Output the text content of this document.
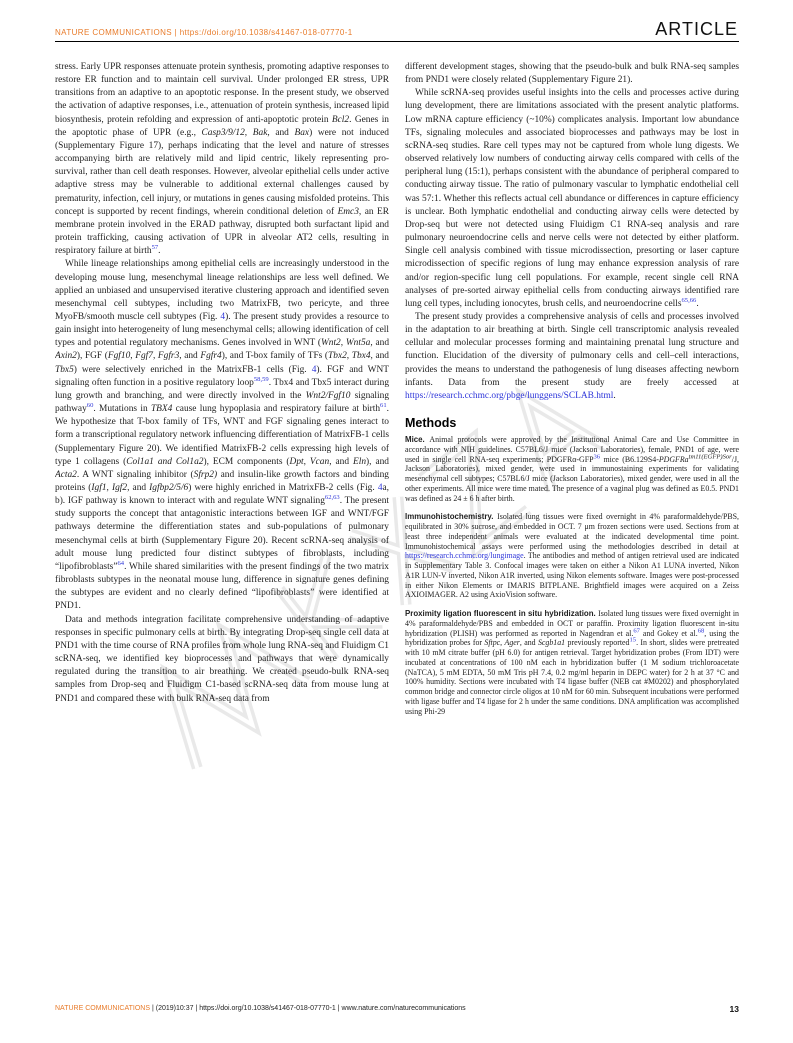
NATURE COMMUNICATIONS | https://doi.org/10.1038/s41467-018-07770-1	ARTICLE

stress. Early UPR responses attenuate protein synthesis, promoting adaptive responses to restore ER function and to maintain cell survival. Under prolonged ER stress, UPR transitions from an adaptive to an apoptotic response. In the present study, we observed the activation of adaptive responses, i.e., attenuation of protein synthesis, increased lipid biosynthesis, protein refolding and expression of anti-apoptotic protein Bcl2. Genes in the apoptotic phase of UPR (e.g., Casp3/9/12, Bak, and Bax) were not induced (Supplementary Figure 17), perhaps indicating that the level and nature of stresses accompanying birth are relatively mild and lipid centric, likely representing pro-survival, rather than cell death responses. However, alveolar epithelial cells under active adaptive stress may be vulnerable to additional external challenges caused by prematurity, infection, cell injury, or mutations in genes causing misfolded proteins. This concept is supported by recent findings, wherein conditional deletion of Emc3, an ER membrane protein involved in the ERAD pathway, disrupted both surfactant lipid and protein trafficking, causing activation of UPR in alveolar AT2 cells, resulting in respiratory failure at birth$^{57}$.

While lineage relationships among epithelial cells are increasingly understood in the developing mouse lung, mesenchymal lineage relationships are less well defined. We applied an unbiased and unsupervised iterative clustering approach and identified seven mesenchymal cell subtypes, including two MatrixFB, two pericyte, and three MyoFB/smooth muscle cell subtypes (Fig. 4). The present study provides a resource to gain insight into heterogeneity of lung mesenchymal cells; allowing identification of cell types and potential regulatory mechanisms. Genes involved in WNT (Wnt2, Wnt5a, and Axin2), FGF (Fgf10, Fgf7, Fgfr3, and Fgfr4), and T-box family of TFs (Tbx2, Tbx4, and Tbx5) were selectively enriched in the MatrixFB-1 cells (Fig. 4). FGF and WNT signaling often function in a positive regulatory loop$^{58,59}$. Tbx4 and Tbx5 interact during lung growth and branching, and were directly involved in the Wnt2/Fgf10 signaling pathway$^{60}$. Mutations in TBX4 cause lung hypoplasia and respiratory failure at birth$^{61}$. We hypothesize that T-box family of TFs, WNT and FGF signaling genes interact to form a transcriptional regulatory network influencing differentiation of MatrixFB-1 cells (Supplementary Figure 20). We identified MatrixFB-2 cells expressing high levels of type 1 collagens (Col1a1 and Col1a2), ECM components (Dpt, Vcan, and Eln), and Acta2. A WNT signaling inhibitor (Sfrp2) and insulin-like growth factors and binding proteins (Igf1, Igf2, and Igfbp2/5/6) were highly enriched in MatrixFB-2 cells (Fig. 4a, b). IGF pathway is known to interact with and regulate WNT signaling$^{62,63}$. The present study supports the concept that antagonistic interactions between IGF and WNT/FGF pathways determine the differentiation states and sub-populations of pulmonary mesenchymal cells at birth (Supplementary Figure 20). Recent scRNA-seq analysis of adult mouse lung predicted four distinct subtypes of fibroblasts, including “lipofibroblasts”$^{64}$. While shared similarities with the present findings of the two matrix fibroblasts subtypes in the neonatal mouse lung, difference in signature genes defining the subtypes are evident and no clearly defined “lipofibroblasts” were identified at PND1.

Data and methods integration facilitate comprehensive understanding of adaptive responses in specific pulmonary cells at birth. By integrating Drop-seq single cell data at PND1 with the time course of RNA profiles from whole lung RNA-seq and Fluidigm C1 scRNA-seq, we identified key bioprocesses and pathways that were dynamically regulated during the transition to air breathing. We created pseudo-bulk RNA-seq samples from Drop-seq and Fluidigm C1-based scRNA-seq data from mouse lung at PND1 and compared these with bulk RNA-seq data from

different development stages, showing that the pseudo-bulk and bulk RNA-seq samples from PND1 were closely related (Supplementary Figure 21).

While scRNA-seq provides useful insights into the cells and processes active during lung development, there are limitations associated with the present analytic platforms. Low mRNA capture efficiency (~10%) complicates analysis. Important low abundance TFs, signaling molecules and associated bioprocesses and pathways may be lost in scRNA-seq studies. Rare cell types may not be captured from whole lung digests. We observed relatively low numbers of conducting airway cells compared with cells of the peripheral lung (15:1), perhaps consistent with the abundance of peripheral compared to conducting airway tissue. The ratio of pulmonary vascular to lymphatic endothelial cell was 57:1. Whether this reflects actual cell abundance or differences in capture efficiency is unclear. Both lymphatic endothelial and conducting airway cells were detected by Drop-seq but were not detected using Fluidigm C1 RNA-seq analysis and rare pulmonary neuroendocrine cells and nerve cells were not detected by either platform. Single cell analysis combined with tissue microdissection, presorting or laser capture microdissection of specific regions of lung may enhance expression analysis of rare and/or region-specific lung cell populations. For example, recent single cell RNA analyses of pre-sorted airway epithelial cells from conducting airways identified rare lung cell types, including ionocytes, brush cells, and neuroendocrine cells$^{65,66}$.

The present study provides a comprehensive analysis of cells and processes involved in the adaptation to air breathing at birth. Single cell transcriptomic analysis revealed cellular and molecular processes forming and maintaining prenatal lung structure and function. Elucidation of the diversity of pulmonary cells and cell–cell interactions, provides the means to understand the pathogenesis of lung diseases affecting newborn infants. Data from the present study are freely accessed at https://research.cchmc.org/pbge/lunggens/SCLAB.html.

Methods

Mice. Animal protocols were approved by the Institutional Animal Care and Use Committee in accordance with NIH guidelines. C57BL6/J mice (Jackson Laboratories), female, PND1 of age, were used in single cell RNA-seq experiments; PDGFRα-GFP$^{36}$ mice (B6.129S4-PDGFRa$^{tm11(EGFP)Sor}$/J, Jackson Laboratories), mixed gender, were used in immunostaining experiments for validating mesenchymal cell subtypes; C57BL6/J mice (Jackson Laboratories), mixed gender, were used in all the other experiments. All mice were time mated. The presence of a vaginal plug was defined as E0.5. PND1 was defined as 24 ± 6 h after birth.

Immunohistochemistry. Isolated lung tissues were fixed overnight in 4% paraformaldehyde/PBS, equilibrated in 30% sucrose, and embedded in OCT. 7 μm frozen sections were used. Sections from at least three independent animals were evaluated at the indicated developmental time point. Immunohistochemical assays were performed using the methodologies described in detail at https://research.cchmc.org/lungimage. The antibodies and method of antigen retrieval used are indicated in Supplementary Table 3. Confocal images were taken on either a Nikon A1 LUNA inverted, Nikon A1R LUN-V inverted, Nikon A1R inverted, using Nikon elements software. Images were post-processed in either Nikon Elements or IMARIS BITPLANE. Brightfield images were acquired on a Zeiss AXIOIMAGER. A2 using AxioVision software.

Proximity ligation fluorescent in situ hybridization. Isolated lung tissues were fixed overnight in 4% paraformaldehyde/PBS and embedded in OCT or paraffin. Proximity ligation fluorescent in-situ hybridization (PLISH) was performed as reported in Nagendran et al.$^{67}$ and Gokey et al.$^{68}$, using the hybridization probes for Sftpc, Ager, and Scgb1a1 previously reported$^{15}$. In short, slides were pretreated with 10 mM citrate buffer (pH 6.0) for antigen retrieval. Target hybridization probes (From IDT) were incubated at concentrations of 100 nM each in hybridization buffer (1 M sodium trichloroacetate (NaTCA), 5 mM EDTA, 50 mM Tris pH 7.4, 0.2 mg/ml heparin in DEPC water) for 2 h at 37 °C and 100% humidity. Sections were incubated with T4 ligase buffer (NEB cat #M0202) and phosphorylated common bridge and connector circle oligos at 10 nM for 60 min. Subsequent incubations were performed with ligase buffer and T4 ligase for 2 h under the same conditions. DNA amplification was accomplished using Phi-29

NATURE COMMUNICATIONS | (2019)10:37 | https://doi.org/10.1038/s41467-018-07770-1 | www.nature.com/naturecommunications	13
